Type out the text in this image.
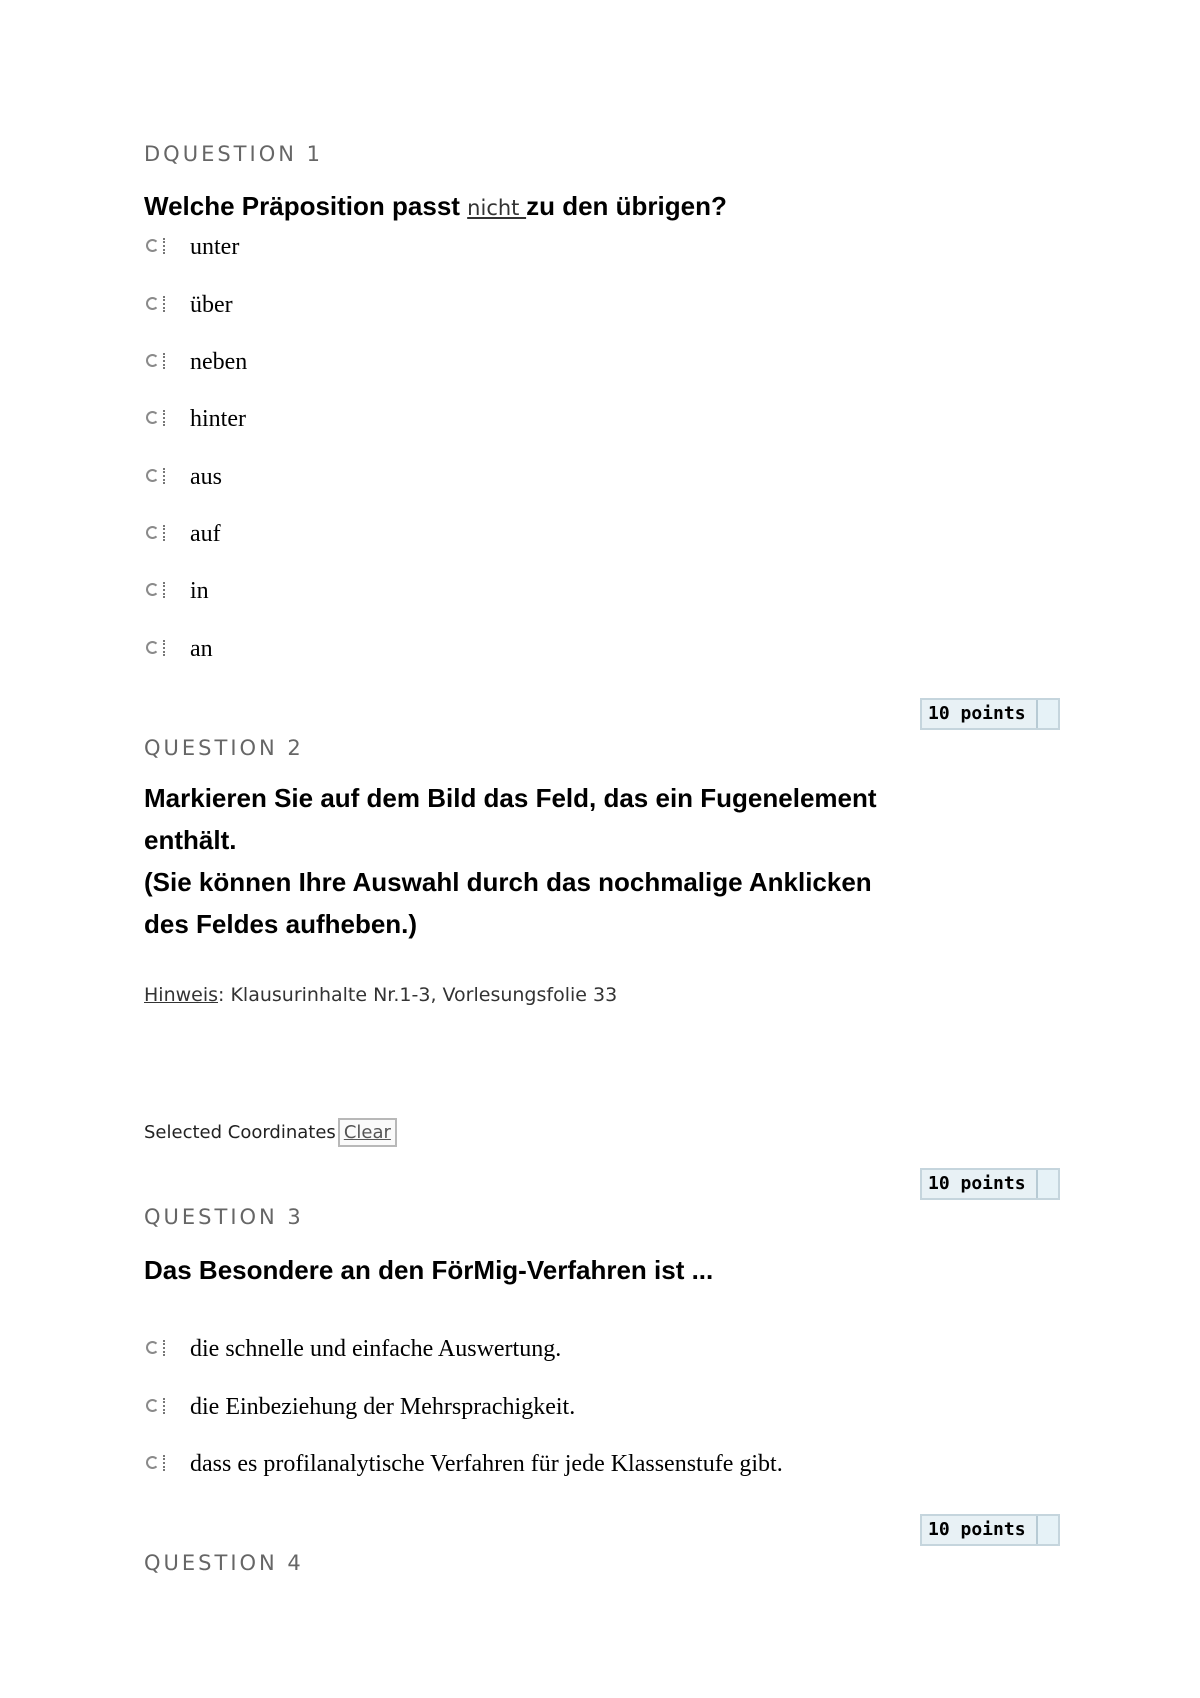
DQUESTION 1
Welche Präposition passt nicht zu den übrigen?
unter
über
neben
hinter
aus
auf
in
an
10 points
QUESTION 2
Markieren Sie auf dem Bild das Feld, das ein Fugenelement
enthält.
(Sie können Ihre Auswahl durch das nochmalige Anklicken
des Feldes aufheben.)
Hinweis: Klausurinhalte Nr.1-3, Vorlesungsfolie 33
Selected Coordinates Clear
10 points
QUESTION 3
Das Besondere an den FörMig-Verfahren ist ...
die schnelle und einfache Auswertung.
die Einbeziehung der Mehrsprachigkeit.
dass es profilanalytische Verfahren für jede Klassenstufe gibt.
10 points
QUESTION 4
